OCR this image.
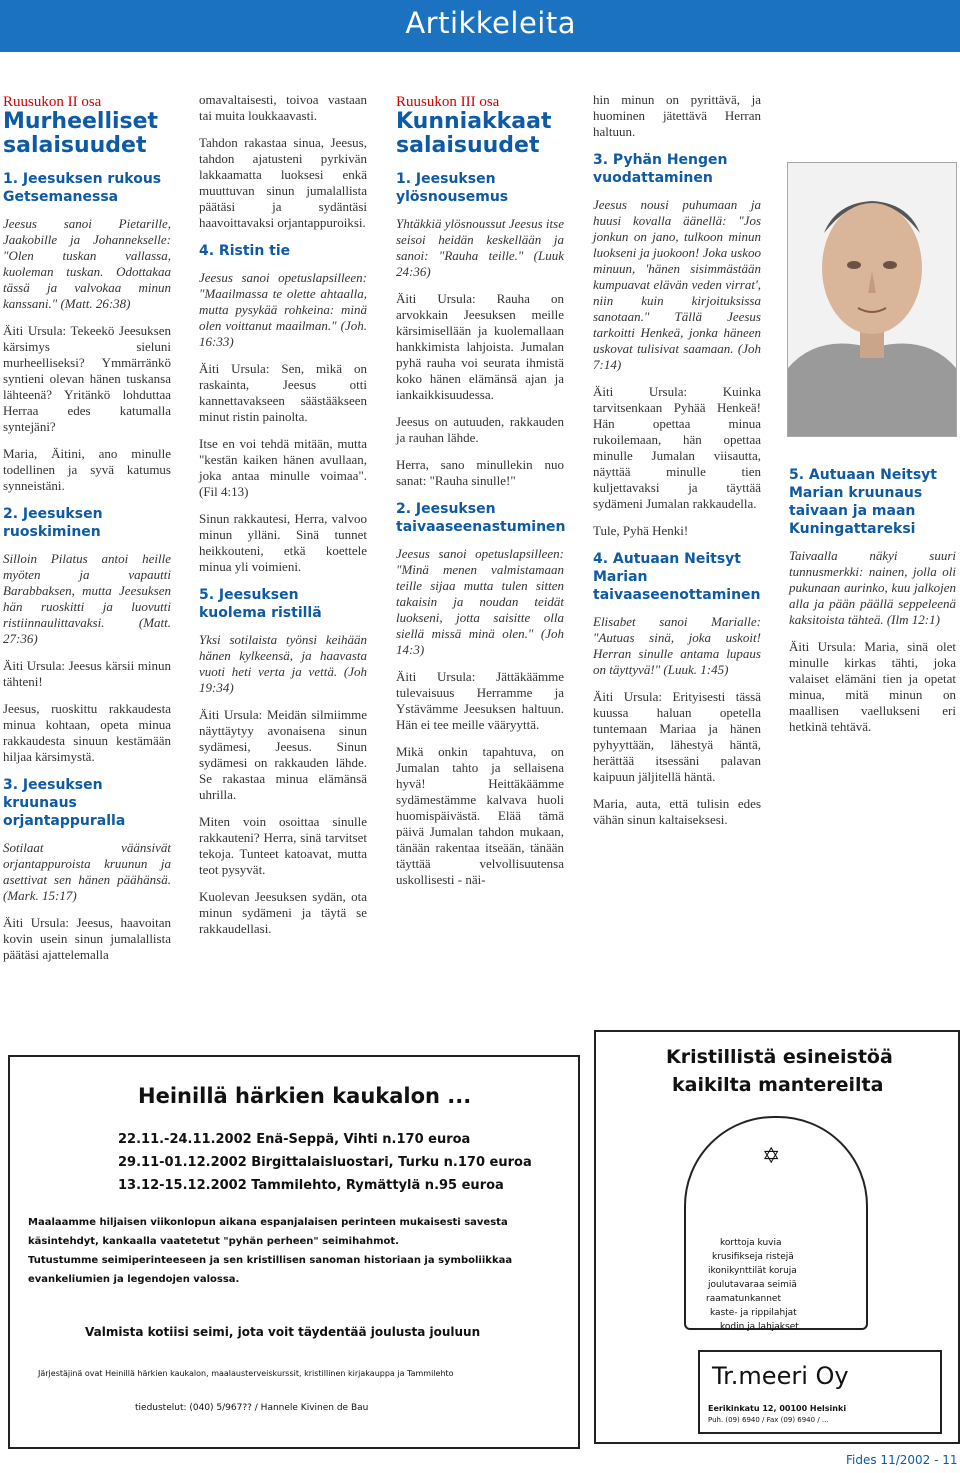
Artikkeleita
Ruusukon II osa
Murheelliset salaisuudet
1. Jeesuksen rukous Getsemanessa

Jeesus sanoi Pietarille, Jaakobille ja Johannekselle: "Olen tuskan vallassa, kuoleman tuskan. Odottakaa tässä ja valvokaa minun kanssani." (Matt. 26:38)

Äiti Ursula: Tekeekö Jeesuksen kärsimys sieluni murheelliseksi? Ymmärränkö syntieni olevan hänen tuskansa lähteenä? Yritänkö lohduttaa Herraa edes katumalla syntejäni?

Maria, Äitini, ano minulle todellinen ja syvä katumus synneistäni.

2. Jeesuksen ruoskiminen

Silloin Pilatus antoi heille myöten ja vapautti Barabbaksen, mutta Jeesuksen hän ruoskitti ja luovutti ristiinnaulittavaksi. (Matt. 27:36)

Äiti Ursula: Jeesus kärsii minun tähteni!

Jeesus, ruoskittu rakkaudesta minua kohtaan, opeta minua rakkaudesta sinuun kestämään hiljaa kärsimystä.

3. Jeesuksen kruunaus orjantappuralla

Sotilaat väänsivät orjantappuroista kruunun ja asettivat sen hänen päähänsä. (Mark. 15:17)

Äiti Ursula: Jeesus, haavoitan kovin usein sinun jumalallista päätäsi ajattelemalla

omavaltaisesti, toivoa vastaan tai muita loukkaavasti.

Tahdon rakastaa sinua, Jeesus, tahdon ajatusteni pyrkivän lakkaamatta luoksesi enkä muuttuvan sinun jumalallista päätäsi ja sydäntäsi haavoittavaksi orjantappuroiksi.

4. Ristin tie

Jeesus sanoi opetuslapsilleen: "Maailmassa te olette ahtaalla, mutta pysykää rohkeina: minä olen voittanut maailman." (Joh. 16:33)

Äiti Ursula: Sen, mikä on raskainta, Jeesus otti kannettavakseen säästääkseen minut ristin painolta.

Itse en voi tehdä mitään, mutta "kestän kaiken hänen avullaan, joka antaa minulle voimaa". (Fil 4:13)

Sinun rakkautesi, Herra, valvoo minun ylläni. Sinä tunnet heikkouteni, etkä koettele minua yli voimieni.

5. Jeesuksen kuolema ristillä

Yksi sotilaista työnsi keihään hänen kylkeensä, ja haavasta vuoti heti verta ja vettä. (Joh 19:34)

Äiti Ursula: Meidän silmiimme näyttäytyy avonaisena sinun sydämesi, Jeesus. Sinun sydämesi on rakkauden lähde. Se rakastaa minua elämänsä uhrilla.

Miten voin osoittaa sinulle rakkauteni? Herra, sinä tarvitset tekoja. Tunteet katoavat, mutta teot pysyvät.

Kuolevan Jeesuksen sydän, ota minun sydämeni ja täytä se rakkaudellasi.

Ruusukon III osa
Kunniakkaat salaisuudet
1. Jeesuksen ylösnousemus

Yhtäkkiä ylösnoussut Jeesus itse seisoi heidän keskellään ja sanoi: "Rauha teille." (Luuk 24:36)

Äiti Ursula: Rauha on arvokkain Jeesuksen meille kärsimisellään ja kuolemallaan hankkimista lahjoista. Jumalan pyhä rauha voi seurata ihmistä koko hänen elämänsä ajan ja iankaikkisuudessa.

Jeesus on autuuden, rakkauden ja rauhan lähde.

Herra, sano minullekin nuo sanat: "Rauha sinulle!"

2. Jeesuksen taivaaseenastuminen

Jeesus sanoi opetuslapsilleen: "Minä menen valmistamaan teille sijaa mutta tulen sitten takaisin ja noudan teidät luokseni, jotta saisitte olla siellä missä minä olen." (Joh 14:3)

Äiti Ursula: Jättäkäämme tulevaisuus Herramme ja Ystävämme Jeesuksen haltuun. Hän ei tee meille vääryyttä.

Mikä onkin tapahtuva, on Jumalan tahto ja sellaisena hyvä! Heittäkäämme sydämestämme kalvava huoli huomispäivästä. Elää tämä päivä Jumalan tahdon mukaan, tänään rakentaa itseään, tänään täyttää velvollisuutensa uskollisesti - näi-

hin minun on pyrittävä, ja huominen jätettävä Herran haltuun.

3. Pyhän Hengen vuodattaminen

Jeesus nousi puhumaan ja huusi kovalla äänellä: "Jos jonkun on jano, tulkoon minun luokseni ja juokoon! Joka uskoo minuun, 'hänen sisimmästään kumpuavat elävän veden virrat', niin kuin kirjoituksissa sanotaan." Tällä Jeesus tarkoitti Henkeä, jonka häneen uskovat tulisivat saamaan. (Joh 7:14)

Äiti Ursula: Kuinka tarvitsenkaan Pyhää Henkeä! Hän opettaa minua rukoilemaan, hän opettaa minulle Jumalan viisautta, näyttää minulle tien kuljettavaksi ja täyttää sydämeni Jumalan rakkaudella.

Tule, Pyhä Henki!

4. Autuaan Neitsyt Marian taivaaseenottaminen

Elisabet sanoi Marialle: "Autuas sinä, joka uskoit! Herran sinulle antama lupaus on täyttyvä!" (Luuk. 1:45)

Äiti Ursula: Erityisesti tässä kuussa haluan opetella tuntemaan Mariaa ja hänen pyhyyttään, lähestyä häntä, herättää itsessäni palavan kaipuun jäljitellä häntä.

Maria, auta, että tulisin edes vähän sinun kaltaiseksesi.

5. Autuaan Neitsyt Marian kruunaus taivaan ja maan Kuningattareksi

Taivaalla näkyi suuri tunnusmerkki: nainen, jolla oli pukunaan aurinko, kuu jalkojen alla ja pään päällä seppeleenä kaksitoista tähteä. (Ilm 12:1)

Äiti Ursula: Maria, sinä olet minulle kirkas tähti, joka valaiset elämäni tien ja opetat minua, mitä minun on maallisen vaellukseni eri hetkinä tehtävä.

Heinillä härkien kaukalon ...
22.11.-24.11.2002 Enä-Seppä, Vihti n.170 euroa
29.11-01.12.2002 Birgittalaisluostari, Turku n.170 euroa
13.12-15.12.2002 Tammilehto, Rymättylä n.95 euroa
Maalaamme hiljaisen viikonlopun aikana espanjalaisen perinteen mukaisesti savesta
käsintehdyt, kankaalla vaatetetut "pyhän perheen" seimihahmot.
Tutustumme seimiperinteeseen ja sen kristillisen sanoman historiaan ja symboliikkaa
evankeliumien ja legendojen valossa.
Valmista kotiisi seimi, jota voit täydentää joulusta jouluun
Järjestäjinä ovat Heinillä härkien kaukalon, maalausterveiskurssit, kristillinen kirjakauppa ja Tammilehto
tiedustelut: (040) 5/967?? / Hannele Kivinen de Bau
Kristillistä esineistöä
kaikilta mantereilta
✡
korttoja kuvia
krusifikseja ristejä
ikonikynttilät koruja
joulutavaraa seimiä
raamatunkannet
kaste- ja rippilahjat
kodin ja lahjakset
Tr.meeri Oy
Eerikinkatu 12, 00100 Helsinki
Puh. (09) 6940 / Fax (09) 6940 / ...
Fides 11/2002 - 11
